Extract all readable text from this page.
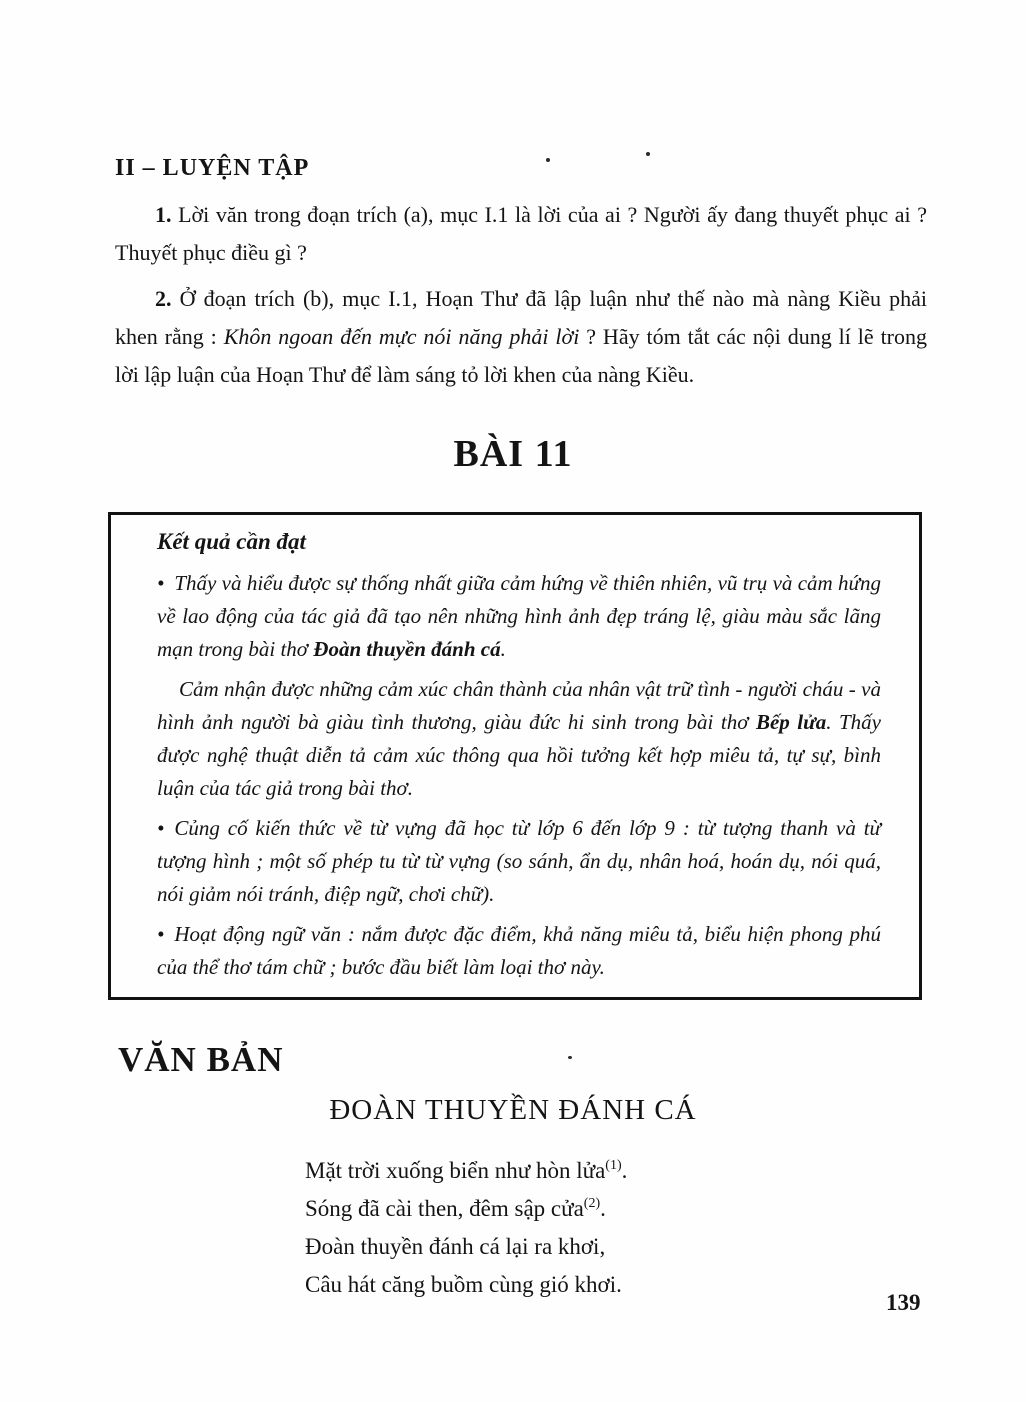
II – LUYỆN TẬP

1. Lời văn trong đoạn trích (a), mục I.1 là lời của ai ? Người ấy đang thuyết phục ai ? Thuyết phục điều gì ?

2. Ở đoạn trích (b), mục I.1, Hoạn Thư đã lập luận như thế nào mà nàng Kiều phải khen rằng : Khôn ngoan đến mực nói năng phải lời ? Hãy tóm tắt các nội dung lí lẽ trong lời lập luận của Hoạn Thư để làm sáng tỏ lời khen của nàng Kiều.

BÀI 11
Kết quả cần đạt

• Thấy và hiểu được sự thống nhất giữa cảm hứng về thiên nhiên, vũ trụ và cảm hứng về lao động của tác giả đã tạo nên những hình ảnh đẹp tráng lệ, giàu màu sắc lãng mạn trong bài thơ Đoàn thuyền đánh cá.

Cảm nhận được những cảm xúc chân thành của nhân vật trữ tình - người cháu - và hình ảnh người bà giàu tình thương, giàu đức hi sinh trong bài thơ Bếp lửa. Thấy được nghệ thuật diễn tả cảm xúc thông qua hồi tưởng kết hợp miêu tả, tự sự, bình luận của tác giả trong bài thơ.

• Củng cố kiến thức về từ vựng đã học từ lớp 6 đến lớp 9 : từ tượng thanh và từ tượng hình ; một số phép tu từ từ vựng (so sánh, ẩn dụ, nhân hoá, hoán dụ, nói quá, nói giảm nói tránh, điệp ngữ, chơi chữ).

• Hoạt động ngữ văn : nắm được đặc điểm, khả năng miêu tả, biểu hiện phong phú của thể thơ tám chữ ; bước đầu biết làm loại thơ này.

VĂN BẢN
ĐOÀN THUYỀN ĐÁNH CÁ

Mặt trời xuống biển như hòn lửa$^{(1)}$.

Sóng đã cài then, đêm sập cửa$^{(2)}$.

Đoàn thuyền đánh cá lại ra khơi,

Câu hát căng buồm cùng gió khơi.

139
